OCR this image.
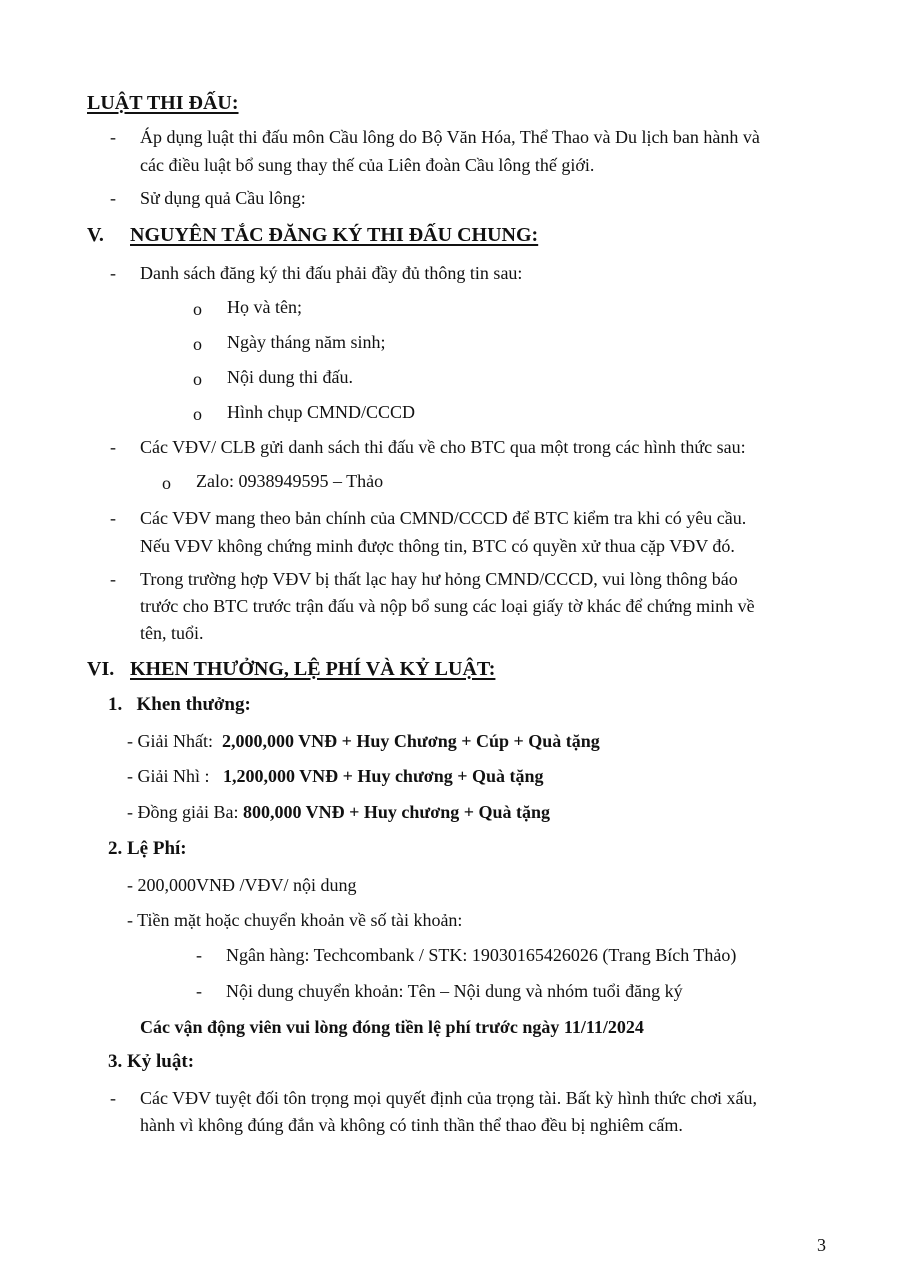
LUẬT THI ĐẤU:
- Áp dụng luật thi đấu môn Cầu lông do Bộ Văn Hóa, Thể Thao và Du lịch ban hành và
các điều luật bổ sung thay thế của Liên đoàn Cầu lông thế giới.
- Sử dụng quả Cầu lông:
V. NGUYÊN TẮC ĐĂNG KÝ THI ĐẤU CHUNG:
- Danh sách đăng ký thi đấu phải đầy đủ thông tin sau:
o Họ và tên;
o Ngày tháng năm sinh;
o Nội dung thi đấu.
o Hình chụp CMND/CCCD
- Các VĐV/ CLB gửi danh sách thi đấu về cho BTC qua một trong các hình thức sau:
o Zalo: 0938949595 – Thảo
- Các VĐV mang theo bản chính của CMND/CCCD để BTC kiểm tra khi có yêu cầu.
Nếu VĐV không chứng minh được thông tin, BTC có quyền xử thua cặp VĐV đó.
- Trong trường hợp VĐV bị thất lạc hay hư hỏng CMND/CCCD, vui lòng thông báo
trước cho BTC trước trận đấu và nộp bổ sung các loại giấy tờ khác để chứng minh về
tên, tuổi.
VI. KHEN THƯỞNG, LỆ PHÍ VÀ KỶ LUẬT:
1.   Khen thưởng:
- Giải Nhất:  2,000,000 VNĐ + Huy Chương + Cúp + Quà tặng
- Giải Nhì :   1,200,000 VNĐ + Huy chương + Quà tặng
- Đồng giải Ba: 800,000 VNĐ + Huy chương + Quà tặng
2. Lệ Phí:
- 200,000VNĐ /VĐV/ nội dung
- Tiền mặt hoặc chuyển khoản về số tài khoản:
- Ngân hàng: Techcombank / STK: 19030165426026 (Trang Bích Thảo)
- Nội dung chuyển khoản: Tên – Nội dung và nhóm tuổi đăng ký
Các vận động viên vui lòng đóng tiền lệ phí trước ngày 11/11/2024
3. Kỷ luật:
- Các VĐV tuyệt đối tôn trọng mọi quyết định của trọng tài. Bất kỳ hình thức chơi xấu,
hành vì không đúng đắn và không có tinh thần thể thao đều bị nghiêm cấm.
3
